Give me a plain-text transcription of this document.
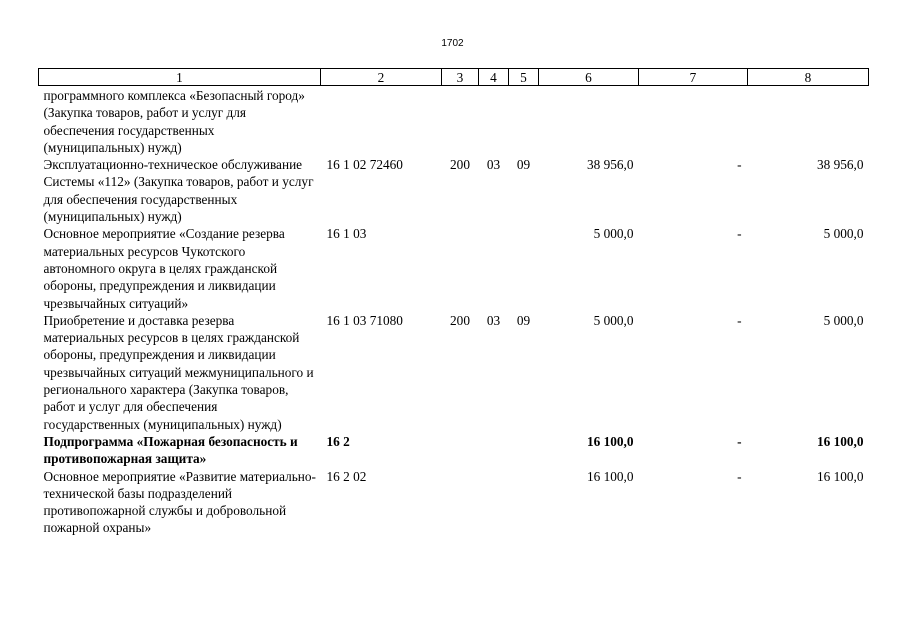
1702
1	2	3	4	5	6	7	8
программного комплекса «Безопасный город» (Закупка товаров, работ и услуг для обеспечения государственных (муниципальных) нужд)							
Эксплуатационно-техническое обслуживание Системы «112» (Закупка товаров, работ и услуг для обеспечения государственных (муниципальных) нужд)	16 1 02 72460	200	03	09	38 956,0	-	38 956,0
Основное мероприятие «Создание резерва материальных ресурсов Чукотского автономного округа в целях гражданской обороны, предупреждения и ликвидации чрезвычайных ситуаций»	16 1 03				5 000,0	-	5 000,0
Приобретение и доставка резерва материальных ресурсов в целях гражданской обороны, предупреждения и ликвидации чрезвычайных ситуаций межмуниципального и регионального характера (Закупка товаров, работ и услуг для обеспечения государственных (муниципальных) нужд)	16 1 03 71080	200	03	09	5 000,0	-	5 000,0
Подпрограмма «Пожарная безопасность и противопожарная защита»	16 2				16 100,0	-	16 100,0
Основное мероприятие «Развитие материально-технической базы подразделений противопожарной службы и добровольной пожарной охраны»	16 2 02				16 100,0	-	16 100,0
